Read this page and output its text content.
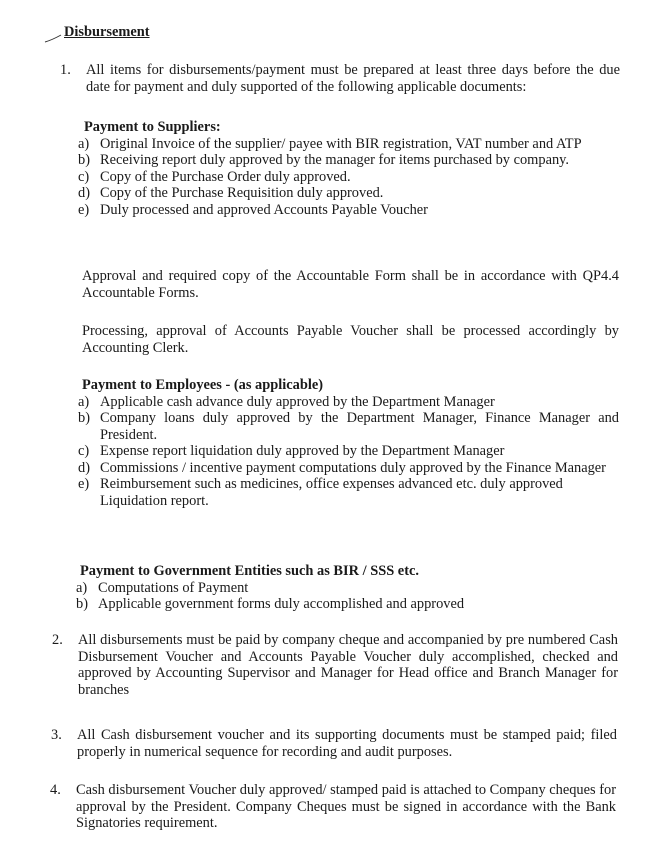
Disbursement
1. All items for disbursements/payment must be prepared at least three days before the due date for payment and duly supported of the following applicable documents:
Payment to Suppliers:
a) Original Invoice of the supplier/ payee with BIR registration, VAT number and ATP
b) Receiving report duly approved by the manager for items purchased by company.
c) Copy of the Purchase Order duly approved.
d) Copy of the Purchase Requisition duly approved.
e) Duly processed and approved Accounts Payable Voucher

Approval and required copy of the Accountable Form shall be in accordance with QP4.4 Accountable Forms.

Processing, approval of Accounts Payable Voucher shall be processed accordingly by Accounting Clerk.

Payment to Employees - (as applicable)
a) Applicable cash advance duly approved by the Department Manager
b) Company loans duly approved by the Department Manager, Finance Manager and President.
c) Expense report liquidation duly approved by the Department Manager
d) Commissions / incentive payment computations duly approved by the Finance Manager
e) Reimbursement such as medicines, office expenses advanced etc. duly approved Liquidation report.
Payment to Government Entities such as BIR / SSS etc.
a) Computations of Payment
b) Applicable government forms duly accomplished and approved
2. All disbursements must be paid by company cheque and accompanied by pre numbered Cash Disbursement Voucher and Accounts Payable Voucher duly accomplished, checked and approved by Accounting Supervisor and Manager for Head office and Branch Manager for branches
3. All Cash disbursement voucher and its supporting documents must be stamped paid; filed properly in numerical sequence for recording and audit purposes.
4. Cash disbursement Voucher duly approved/ stamped paid is attached to Company cheques for approval by the President. Company Cheques must be signed in accordance with the Bank Signatories requirement.
